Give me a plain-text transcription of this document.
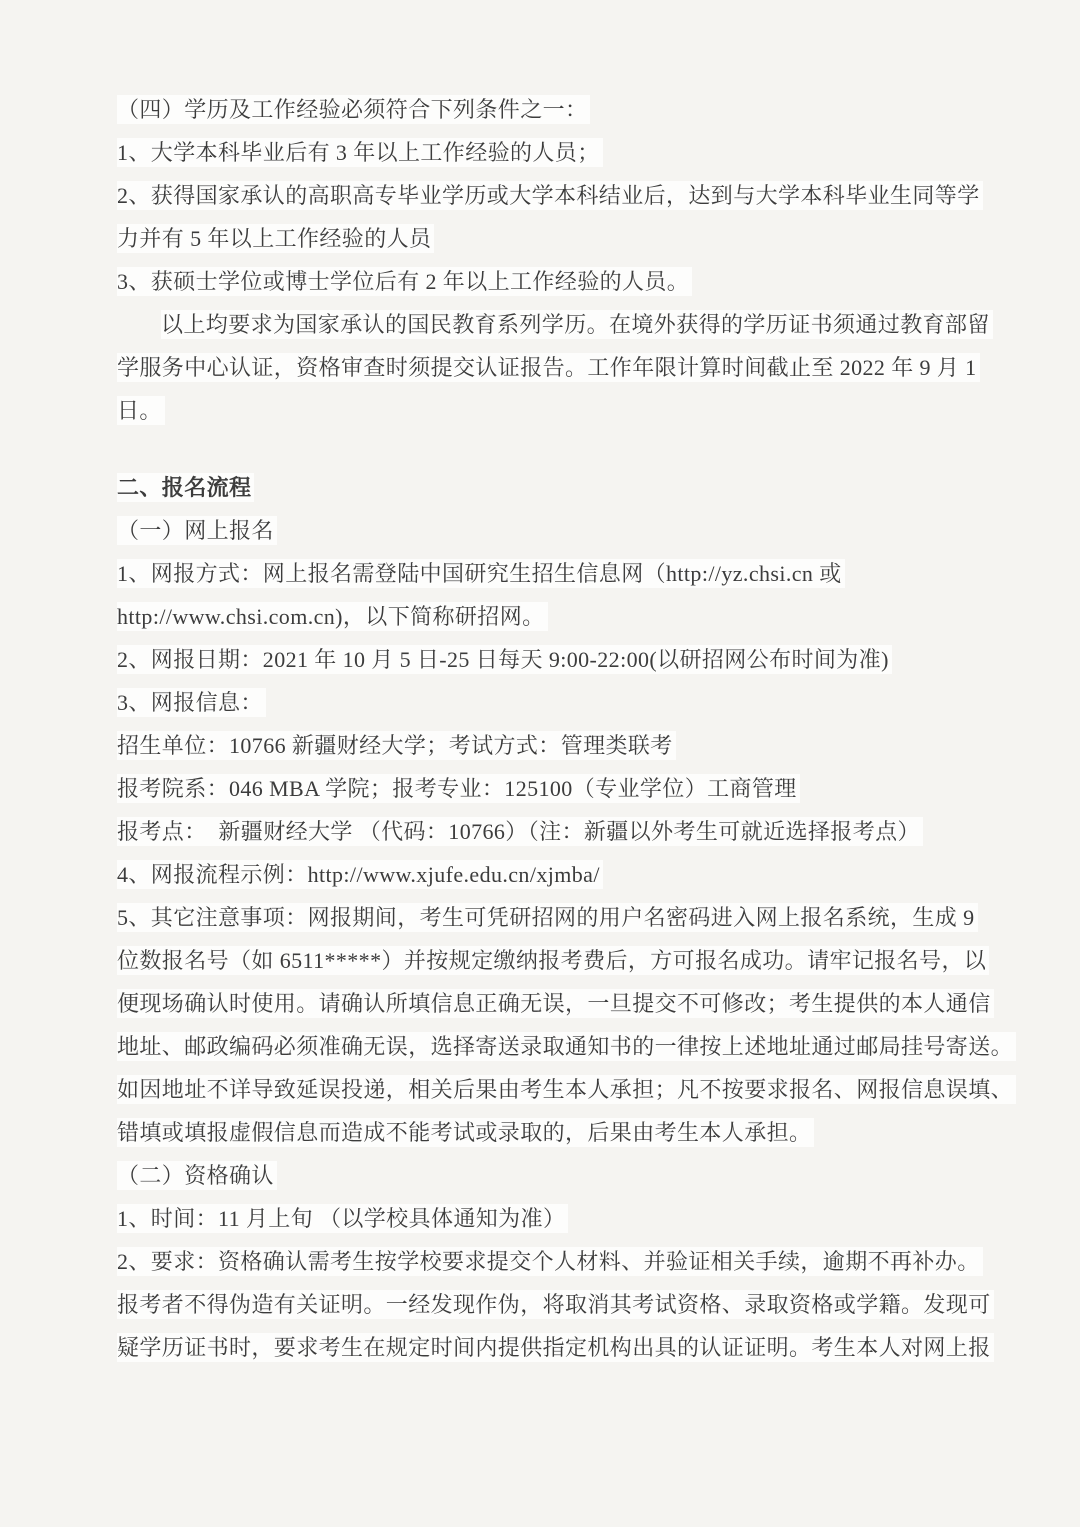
（四）学历及工作经验必须符合下列条件之一：
1、大学本科毕业后有 3 年以上工作经验的人员；
2、获得国家承认的高职高专毕业学历或大学本科结业后，达到与大学本科毕业生同等学
力并有 5 年以上工作经验的人员
3、获硕士学位或博士学位后有 2 年以上工作经验的人员。
以上均要求为国家承认的国民教育系列学历。在境外获得的学历证书须通过教育部留
学服务中心认证，资格审查时须提交认证报告。工作年限计算时间截止至 2022 年 9 月 1
日。
二、报名流程
（一）网上报名
1、网报方式：网上报名需登陆中国研究生招生信息网（http://yz.chsi.cn 或
http://www.chsi.com.cn)，以下简称研招网。
2、网报日期：2021 年 10 月 5 日-25 日每天 9:00-22:00(以研招网公布时间为准)
3、网报信息：
招生单位：10766 新疆财经大学；考试方式：管理类联考
报考院系：046 MBA 学院；报考专业：125100（专业学位）工商管理
报考点：  新疆财经大学 （代码：10766）（注：新疆以外考生可就近选择报考点）
4、网报流程示例：http://www.xjufe.edu.cn/xjmba/
5、其它注意事项：网报期间，考生可凭研招网的用户名密码进入网上报名系统，生成 9
位数报名号（如 6511*****）并按规定缴纳报考费后，方可报名成功。请牢记报名号，以
便现场确认时使用。请确认所填信息正确无误，一旦提交不可修改；考生提供的本人通信
地址、邮政编码必须准确无误，选择寄送录取通知书的一律按上述地址通过邮局挂号寄送。
如因地址不详导致延误投递，相关后果由考生本人承担；凡不按要求报名、网报信息误填、
错填或填报虚假信息而造成不能考试或录取的，后果由考生本人承担。
（二）资格确认
1、时间：11 月上旬 （以学校具体通知为准）
2、要求：资格确认需考生按学校要求提交个人材料、并验证相关手续，逾期不再补办。
报考者不得伪造有关证明。一经发现作伪，将取消其考试资格、录取资格或学籍。发现可
疑学历证书时，要求考生在规定时间内提供指定机构出具的认证证明。考生本人对网上报
